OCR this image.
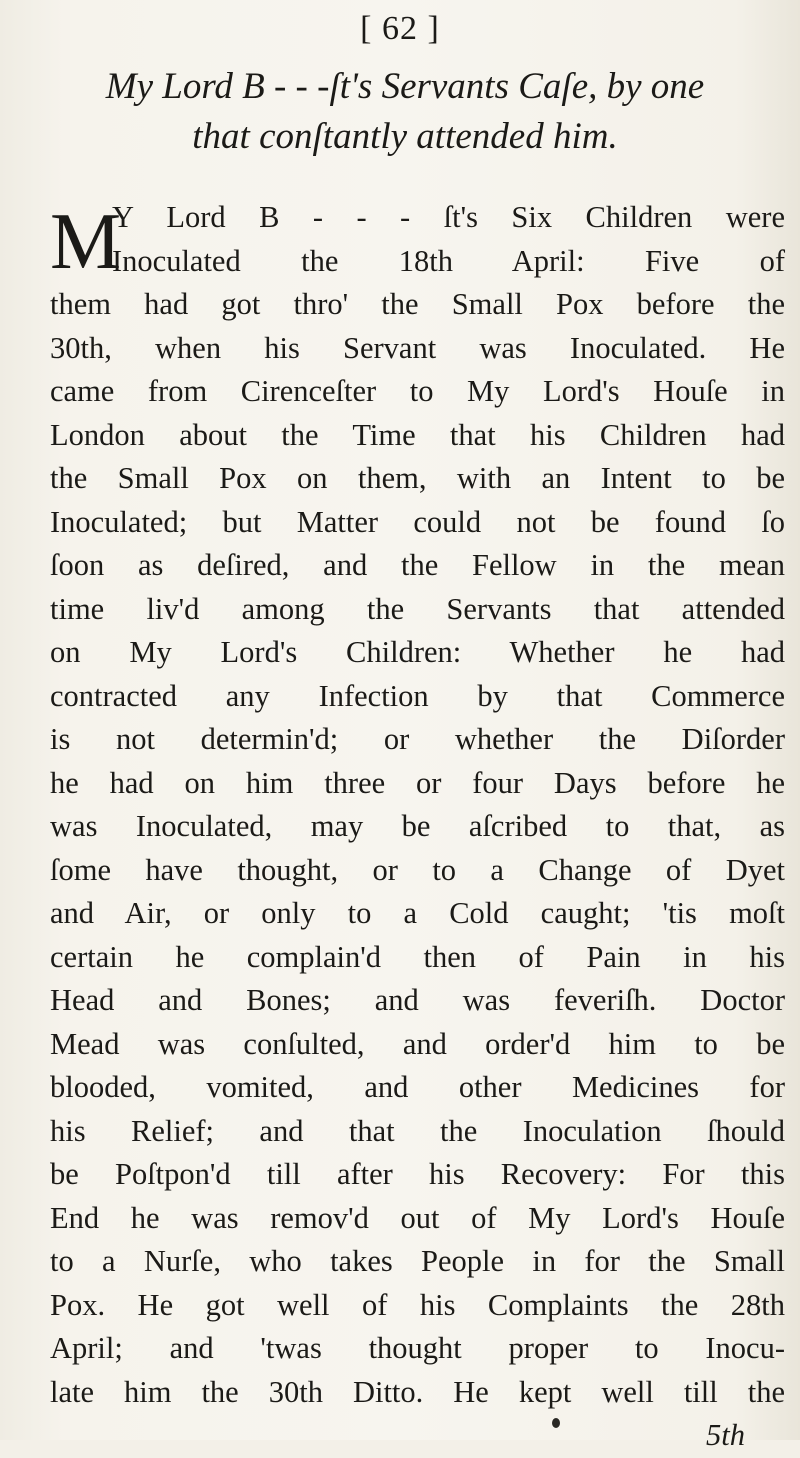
[ 62 ]
My Lord B - - -ſt's Servants Caſe, by one
that conſtantly attended him.
M
Y Lord B - - - ſt's Six Children were
Inoculated the 18th April: Five of
them had got thro' the Small Pox before the
30th, when his Servant was Inoculated. He
came from Cirenceſter to My Lord's Houſe in
London about the Time that his Children had
the Small Pox on them, with an Intent to be
Inoculated; but Matter could not be found ſo
ſoon as deſired, and the Fellow in the mean
time liv'd among the Servants that attended
on My Lord's Children: Whether he had
contracted any Infection by that Commerce
is not determin'd; or whether the Diſorder
he had on him three or four Days before he
was Inoculated, may be aſcribed to that, as
ſome have thought, or to a Change of Dyet
and Air, or only to a Cold caught; 'tis moſt
certain he complain'd then of Pain in his
Head and Bones; and was feveriſh. Doctor
Mead was conſulted, and order'd him to be
blooded, vomited, and other Medicines for
his Relief; and that the Inoculation ſhould
be Poſtpon'd till after his Recovery: For this
End he was remov'd out of My Lord's Houſe
to a Nurſe, who takes People in for the Small
Pox. He got well of his Complaints the 28th
April; and 'twas thought proper to Inocu-
late him the 30th Ditto. He kept well till the
5th
